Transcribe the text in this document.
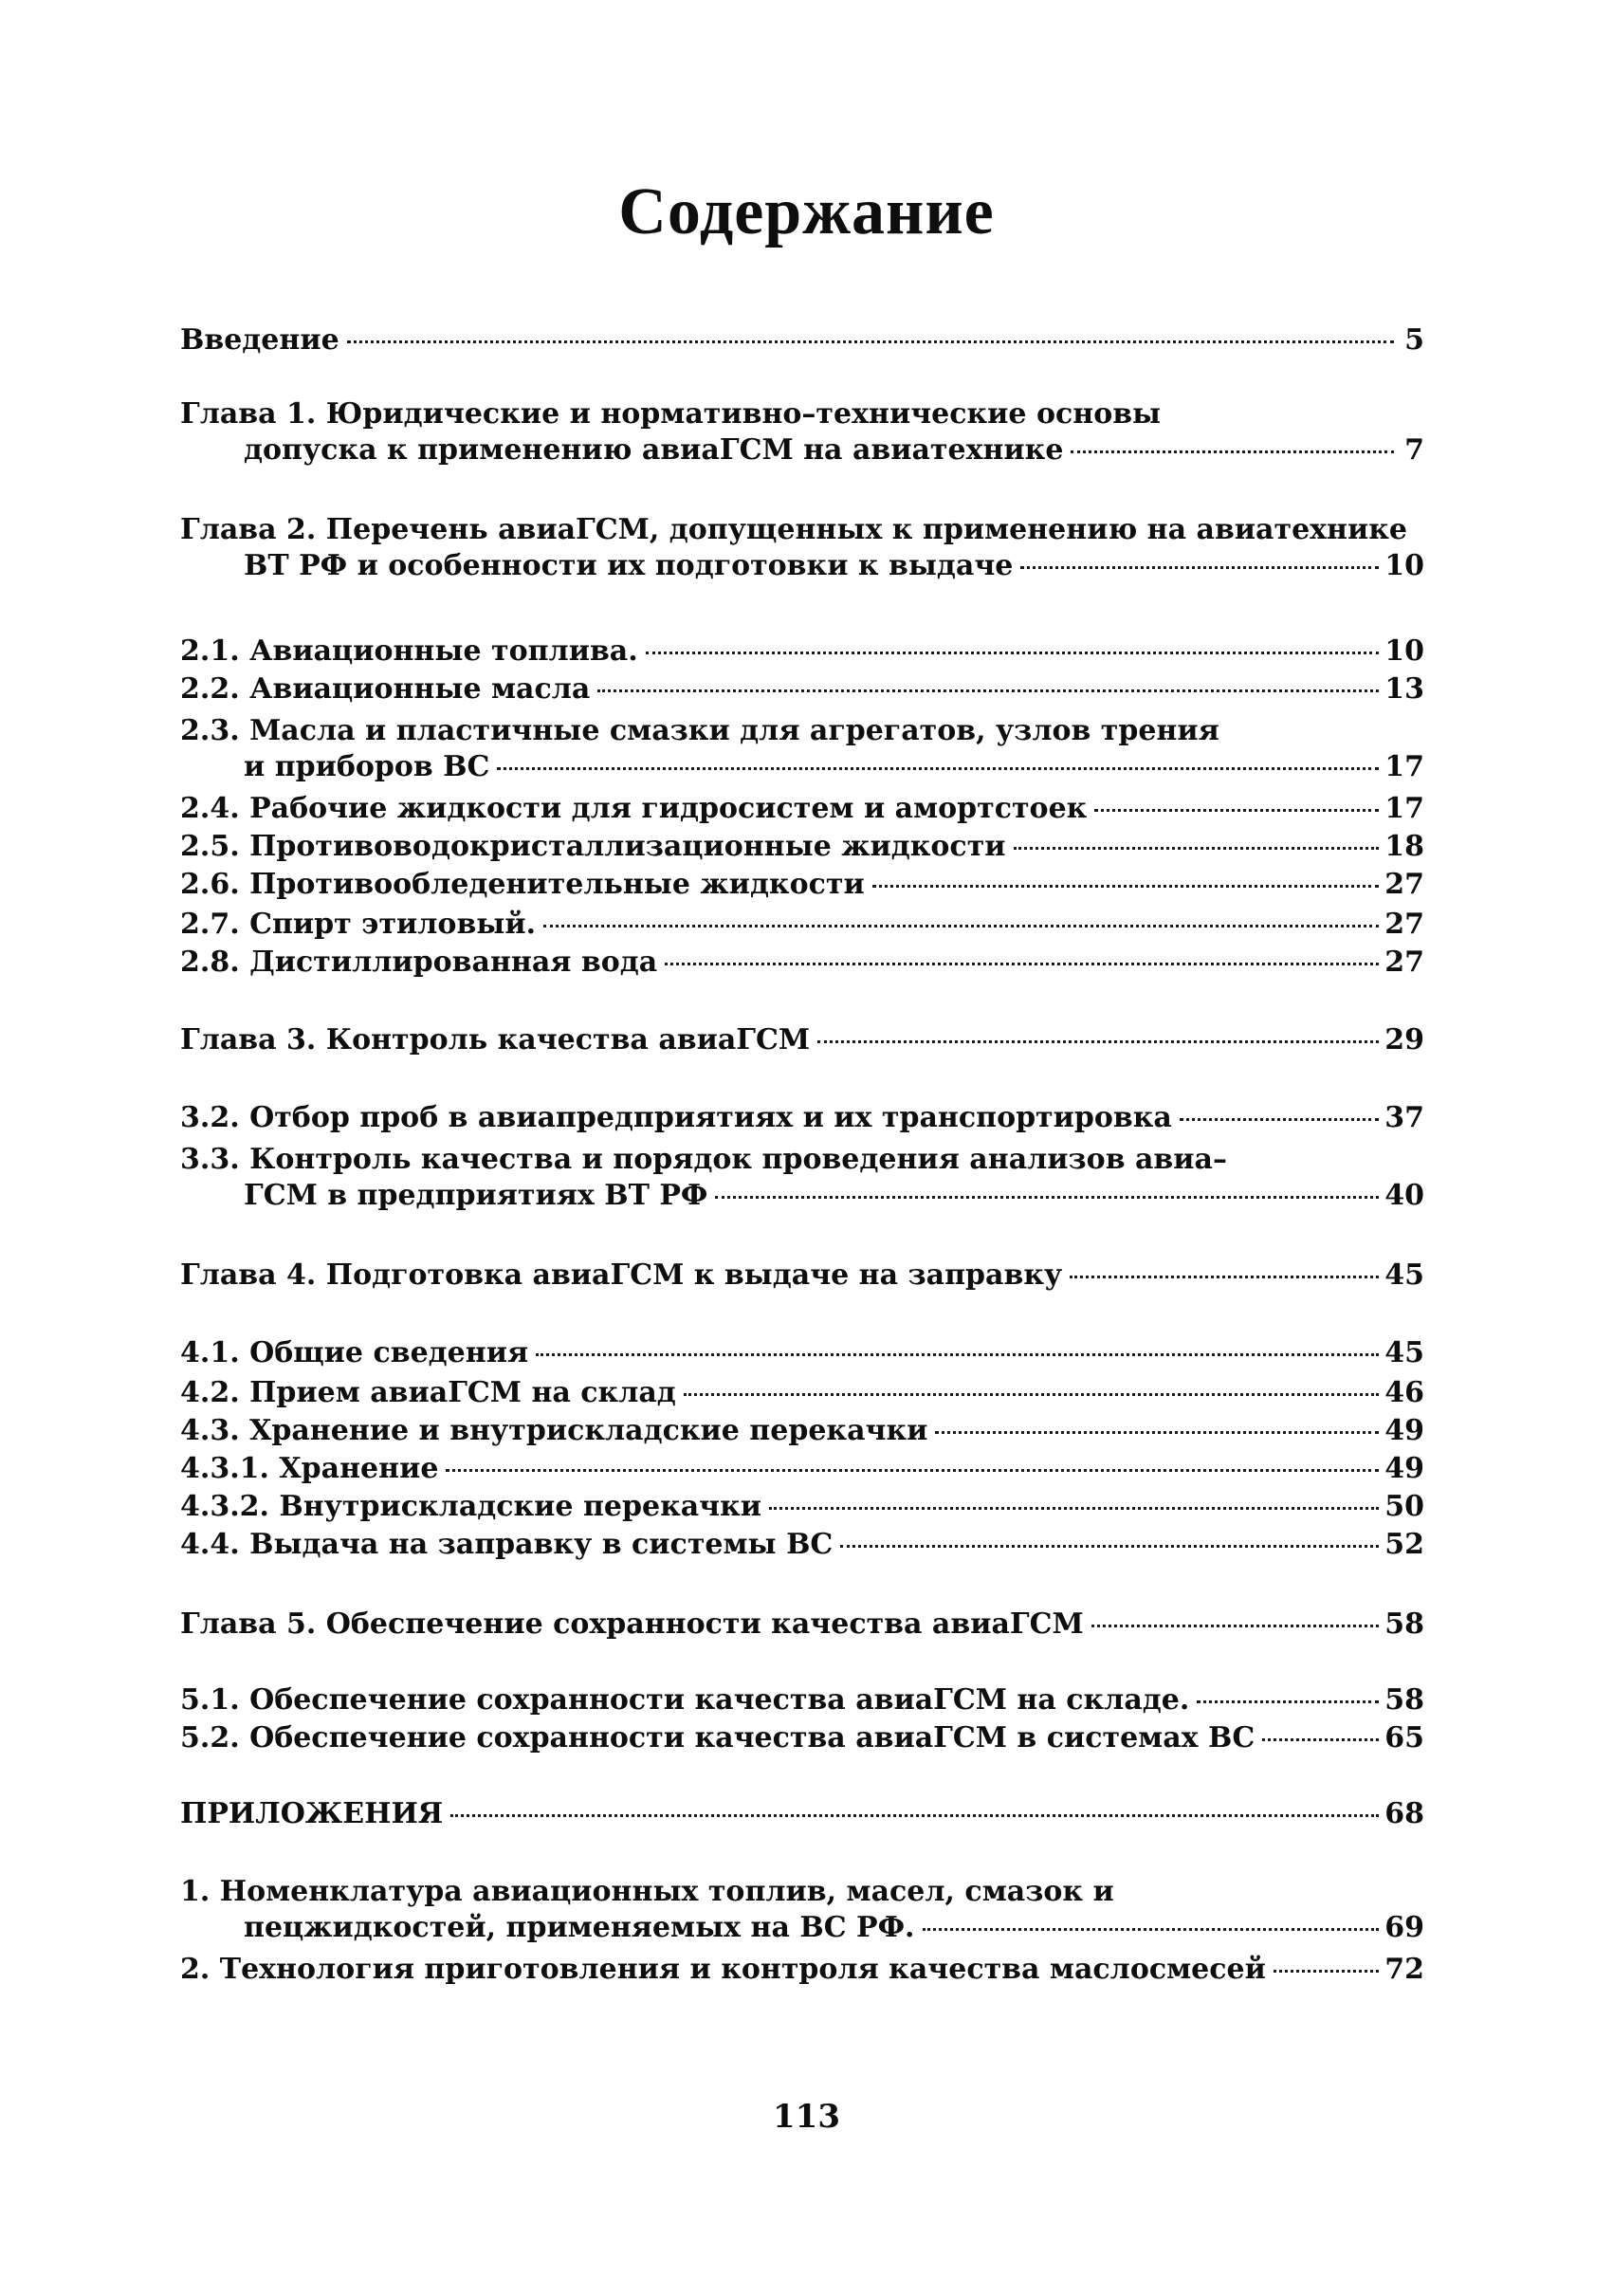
Содержание
Введение	5
Глава 1. Юридические и нормативно–технические основы
допуска к применению авиаГСМ на авиатехнике	7
Глава 2. Перечень авиаГСМ, допущенных к применению на авиатехнике
ВТ РФ и особенности их подготовки к выдаче	10
2.1. Авиационные топлива.	10
2.2. Авиационные масла	13
2.3. Масла и пластичные смазки для агрегатов, узлов трения
и приборов ВС	17
2.4. Рабочие жидкости для гидросистем и амортстоек	17
2.5. Противоводокристаллизационные жидкости	18
2.6. Противообледенительные жидкости	27
2.7. Спирт этиловый.	27
2.8. Дистиллированная вода	27
Глава 3. Контроль качества авиаГСМ	29
3.2. Отбор проб в авиапредприятиях и их транспортировка	37
3.3. Контроль качества и порядок проведения анализов авиа–
ГСМ в предприятиях ВТ РФ	40
Глава 4. Подготовка авиаГСМ к выдаче на заправку	45
4.1. Общие сведения	45
4.2. Прием авиаГСМ на склад	46
4.3. Хранение и внутрискладские перекачки	49
4.3.1. Хранение	49
4.3.2. Внутрискладские перекачки	50
4.4. Выдача на заправку в системы ВС	52
Глава 5. Обеспечение сохранности качества авиаГСМ	58
5.1. Обеспечение сохранности качества авиаГСМ на складе.	58
5.2. Обеспечение сохранности качества авиаГСМ в системах ВС	65
ПРИЛОЖЕНИЯ	68
1. Номенклатура авиационных топлив, масел, смазок и
пецжидкостей, применяемых на ВС РФ.	69
2. Технология приготовления и контроля качества маслосмесей	72
113
